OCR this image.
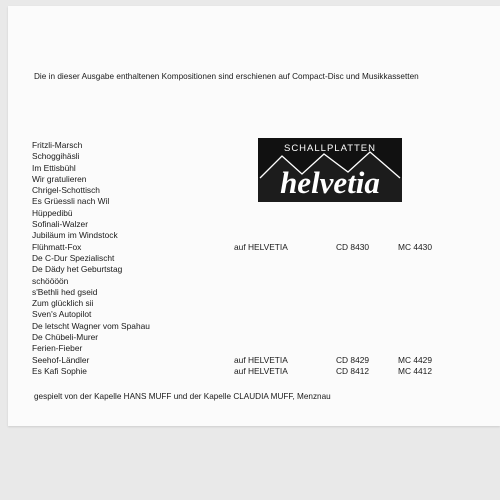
Die in dieser Ausgabe enthaltenen Kompositionen sind erschienen auf Compact-Disc und Musikkassetten
Fritzli-Marsch
Schoggihäsli
Im Ettisbühl
Wir gratulieren
Chrigel-Schottisch
Es Grüessli nach Wil
Hüppedibü
Sofinali-Walzer
Jubiläum im Windstock
Flühmatt-Fox	auf HELVETIA	CD 8430	MC 4430
De C-Dur Spezialischt
De Dädy het Geburtstag
schöööön
s'Bethli hed gseid
Zum glücklich sii
Sven's Autopilot
De letscht Wagner vom Spahau
De Chübeli-Murer
Ferien-Fieber
Seehof-Ländler	auf HELVETIA	CD 8429	MC 4429
Es Kafi Sophie	auf HELVETIA	CD 8412	MC 4412
SCHALLPLATTEN
helvetia
gespielt von der Kapelle HANS MUFF und der Kapelle CLAUDIA MUFF, Menznau
